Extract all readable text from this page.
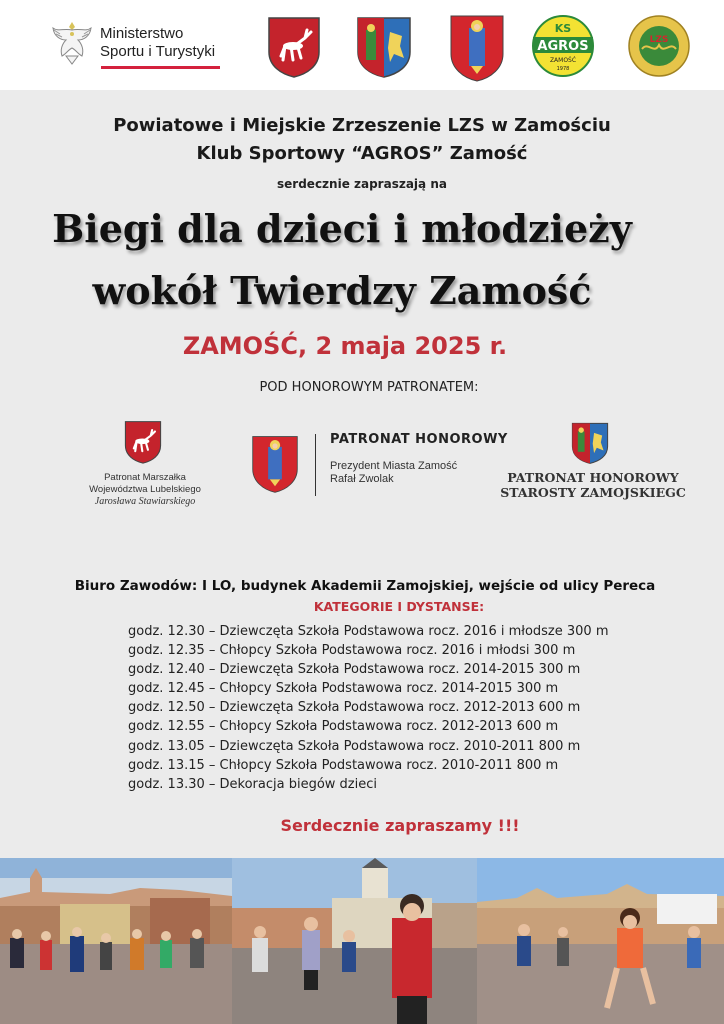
Ministerstwo
Sportu i Turystyki
KS
AGROS
ZAMOŚĆ
1978
LZS
Powiatowe i Miejskie Zrzeszenie LZS w Zamościu
Klub Sportowy “AGROS” Zamość
serdecznie zapraszają na
Biegi dla dzieci i młodzieży
wokół Twierdzy Zamość
ZAMOŚĆ, 2 maja 2025 r.
POD HONOROWYM PATRONATEM:
Patronat Marszałka
Województwa Lubelskiego
Jarosława Stawiarskiego
PATRONAT HONOROWY
Prezydent Miasta Zamość
Rafał Zwolak	PATRONAT HONOROWY
STAROSTY ZAMOJSKIEGC
Biuro Zawodów: I LO, budynek Akademii Zamojskiej, wejście od ulicy Pereca
KATEGORIE I DYSTANSE:
godz. 12.30 – Dziewczęta Szkoła Podstawowa rocz. 2016 i młodsze 300 m
godz. 12.35 – Chłopcy Szkoła Podstawowa rocz. 2016 i młodsi 300 m
godz. 12.40 – Dziewczęta Szkoła Podstawowa rocz. 2014-2015 300 m
godz. 12.45 – Chłopcy Szkoła Podstawowa rocz. 2014-2015 300 m
godz. 12.50 – Dziewczęta Szkoła Podstawowa rocz. 2012-2013 600 m
godz. 12.55 – Chłopcy Szkoła Podstawowa rocz. 2012-2013 600 m
godz. 13.05 – Dziewczęta Szkoła Podstawowa rocz. 2010-2011 800 m
godz. 13.15 – Chłopcy Szkoła Podstawowa rocz. 2010-2011 800 m
godz. 13.30 – Dekoracja biegów dzieci
Serdecznie zapraszamy !!!
